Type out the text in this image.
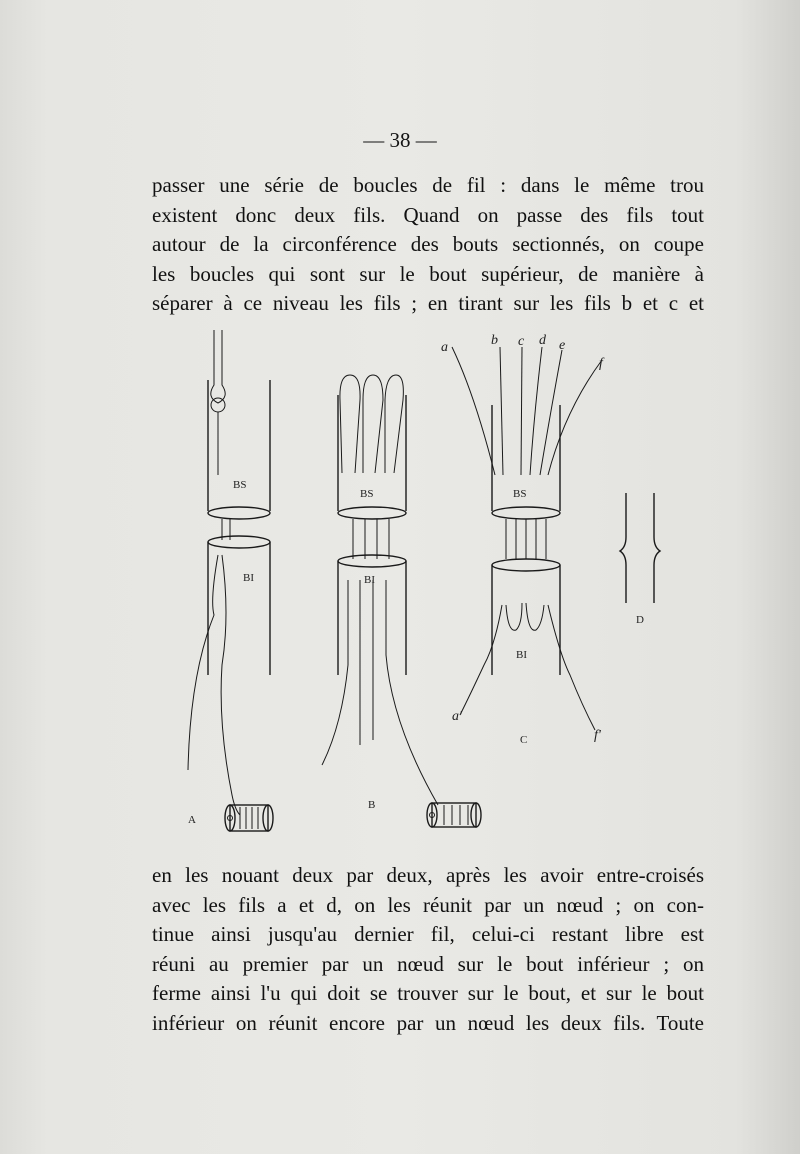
— 38 —

passer une série de boucles de fil : dans le même trou
existent donc deux fils. Quand on passe des fils tout
autour de la circonférence des bouts sectionnés, on coupe
les boucles qui sont sur le bout supérieur, de manière à
séparer à ce niveau les fils ; en tirant sur les fils b et c et

BS
BI
A
BS
BI
B
a	b c d e
f
BS
BI
a'
f'
C
D

en les nouant deux par deux, après les avoir entre-croisés
avec les fils a et d, on les réunit par un nœud ; on con-
tinue ainsi jusqu'au dernier fil, celui-ci restant libre est
réuni au premier par un nœud sur le bout inférieur ; on
ferme ainsi l'u qui doit se trouver sur le bout, et sur le bout
inférieur on réunit encore par un nœud les deux fils. Toute
